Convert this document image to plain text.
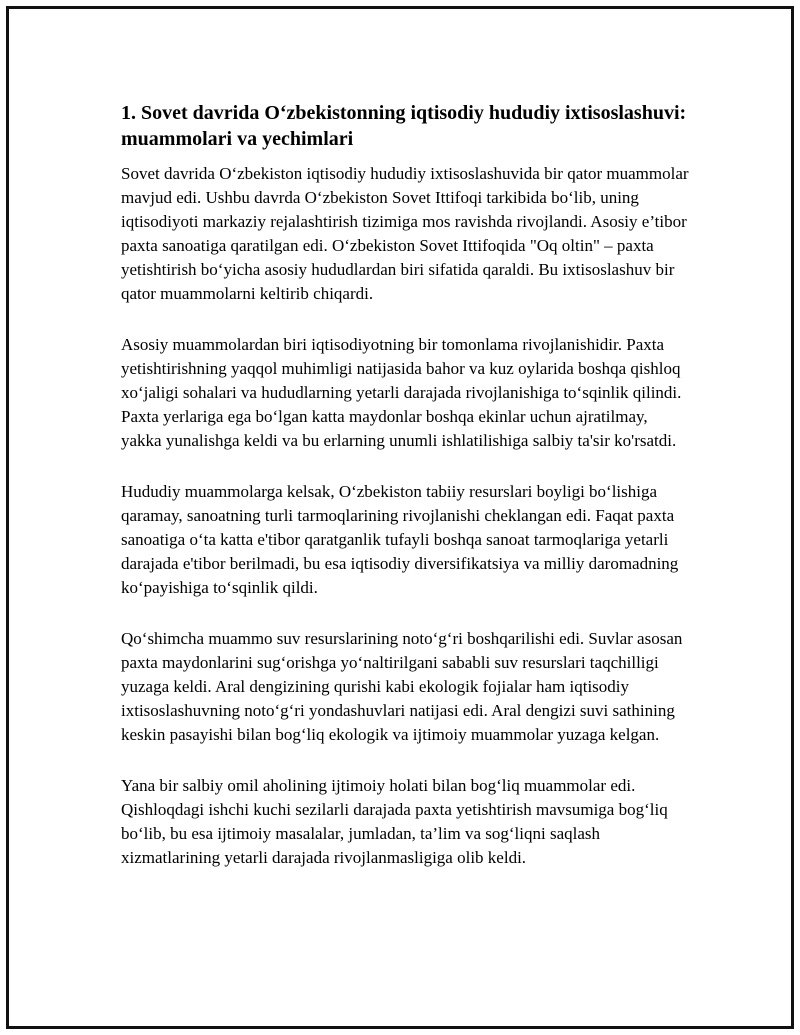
1. Sovet davrida O‘zbekistonning iqtisodiy hududiy ixtisoslashuvi: muammolari va yechimlari

Sovet davrida O‘zbekiston iqtisodiy hududiy ixtisoslashuvida bir qator muammolar mavjud edi. Ushbu davrda O‘zbekiston Sovet Ittifoqi tarkibida bo‘lib, uning iqtisodiyoti markaziy rejalashtirish tizimiga mos ravishda rivojlandi. Asosiy e’tibor paxta sanoatiga qaratilgan edi. O‘zbekiston Sovet Ittifoqida "Oq oltin" – paxta yetishtirish bo‘yicha asosiy hududlardan biri sifatida qaraldi. Bu ixtisoslashuv bir qator muammolarni keltirib chiqardi.

Asosiy muammolardan biri iqtisodiyotning bir tomonlama rivojlanishidir. Paxta yetishtirishning yaqqol muhimligi natijasida bahor va kuz oylarida boshqa qishloq xo‘jaligi sohalari va hududlarning yetarli darajada rivojlanishiga to‘sqinlik qilindi. Paxta yerlariga ega bo‘lgan katta maydonlar boshqa ekinlar uchun ajratilmay, yakka yunalishga keldi va bu erlarning unumli ishlatilishiga salbiy ta'sir ko'rsatdi.

Hududiy muammolarga kelsak, O‘zbekiston tabiiy resurslari boyligi bo‘lishiga qaramay, sanoatning turli tarmoqlarining rivojlanishi cheklangan edi. Faqat paxta sanoatiga o‘ta katta e'tibor qaratganlik tufayli boshqa sanoat tarmoqlariga yetarli darajada e'tibor berilmadi, bu esa iqtisodiy diversifikatsiya va milliy daromadning ko‘payishiga to‘sqinlik qildi.

Qo‘shimcha muammo suv resurslarining noto‘g‘ri boshqarilishi edi. Suvlar asosan paxta maydonlarini sug‘orishga yo‘naltirilgani sababli suv resurslari taqchilligi yuzaga keldi. Aral dengizining qurishi kabi ekologik fojialar ham iqtisodiy ixtisoslashuvning noto‘g‘ri yondashuvlari natijasi edi. Aral dengizi suvi sathining keskin pasayishi bilan bog‘liq ekologik va ijtimoiy muammolar yuzaga kelgan.

Yana bir salbiy omil aholining ijtimoiy holati bilan bog‘liq muammolar edi. Qishloqdagi ishchi kuchi sezilarli darajada paxta yetishtirish mavsumiga bog‘liq bo‘lib, bu esa ijtimoiy masalalar, jumladan, ta’lim va sog‘liqni saqlash xizmatlarining yetarli darajada rivojlanmasligiga olib keldi.
